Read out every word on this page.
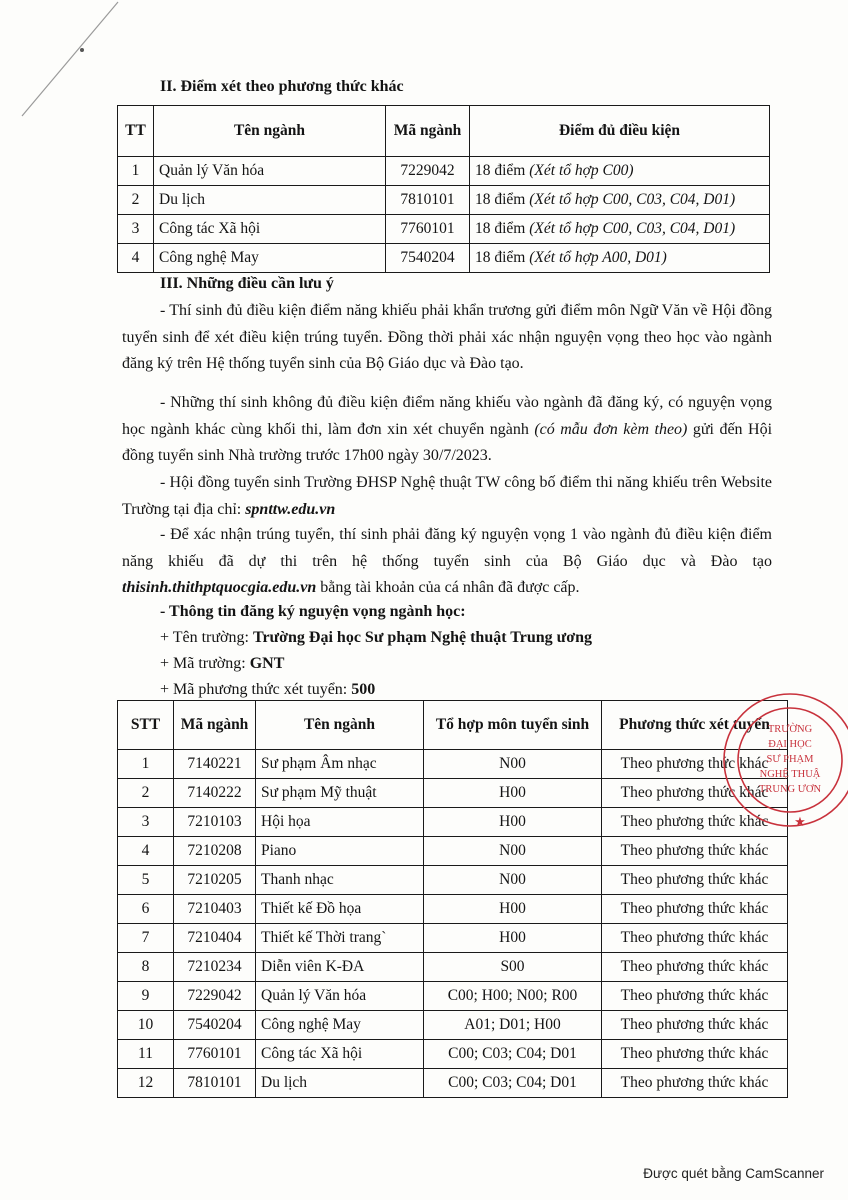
II. Điểm xét theo phương thức khác
TT	Tên ngành	Mã ngành	Điểm đủ điều kiện
1	Quản lý Văn hóa	7229042	18 điểm (Xét tổ hợp C00)
2	Du lịch	7810101	18 điểm (Xét tổ hợp C00, C03, C04, D01)
3	Công tác Xã hội	7760101	18 điểm (Xét tổ hợp C00, C03, C04, D01)
4	Công nghệ May	7540204	18 điểm (Xét tổ hợp A00, D01)
III. Những điều cần lưu ý

- Thí sinh đủ điều kiện điểm năng khiếu phải khẩn trương gửi điểm môn Ngữ Văn về Hội đồng tuyển sinh để xét điều kiện trúng tuyển. Đồng thời phải xác nhận nguyện vọng theo học vào ngành đăng ký trên Hệ thống tuyển sinh của Bộ Giáo dục và Đào tạo.

- Những thí sinh không đủ điều kiện điểm năng khiếu vào ngành đã đăng ký, có nguyện vọng học ngành khác cùng khối thi, làm đơn xin xét chuyển ngành (có mẫu đơn kèm theo) gửi đến Hội đồng tuyển sinh Nhà trường trước 17h00 ngày 30/7/2023.

- Hội đồng tuyển sinh Trường ĐHSP Nghệ thuật TW công bố điểm thi năng khiếu trên Website Trường tại địa chỉ: spnttw.edu.vn

- Để xác nhận trúng tuyển, thí sinh phải đăng ký nguyện vọng 1 vào ngành đủ điều kiện điểm năng khiếu đã dự thi trên hệ thống tuyển sinh của Bộ Giáo dục và Đào tạo thisinh.thithptquocgia.edu.vn bằng tài khoản của cá nhân đã được cấp.

- Thông tin đăng ký nguyện vọng ngành học:
+ Tên trường: Trường Đại học Sư phạm Nghệ thuật Trung ương
+ Mã trường: GNT
+ Mã phương thức xét tuyển: 500
STT	Mã ngành	Tên ngành	Tổ hợp môn tuyển sinh	Phương thức xét tuyển
1	7140221	Sư phạm Âm nhạc	N00	Theo phương thức khác
2	7140222	Sư phạm Mỹ thuật	H00	Theo phương thức khác
3	7210103	Hội họa	H00	Theo phương thức khác
4	7210208	Piano	N00	Theo phương thức khác
5	7210205	Thanh nhạc	N00	Theo phương thức khác
6	7210403	Thiết kế Đồ họa	H00	Theo phương thức khác
7	7210404	Thiết kế Thời trang`	H00	Theo phương thức khác
8	7210234	Diễn viên K-ĐA	S00	Theo phương thức khác
9	7229042	Quản lý Văn hóa	C00; H00; N00; R00	Theo phương thức khác
10	7540204	Công nghệ May	A01; D01; H00	Theo phương thức khác
11	7760101	Công tác Xã hội	C00; C03; C04; D01	Theo phương thức khác
12	7810101	Du lịch	C00; C03; C04; D01	Theo phương thức khác
TRƯỜNG
ĐẠI HỌC
SƯ PHẠM
NGHỆ THUẬ
TRUNG ƯƠN
★
Được quét bằng CamScanner
